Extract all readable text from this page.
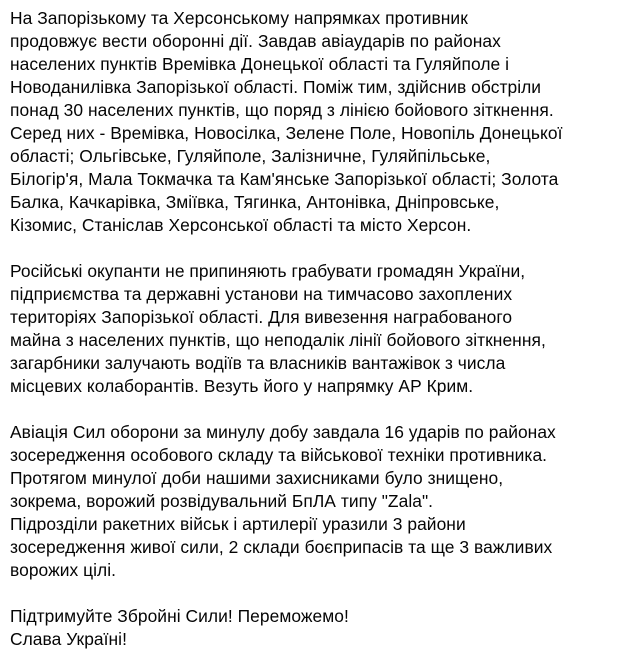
На Запорізькому та Херсонському напрямках противник
продовжує вести оборонні дії. Завдав авіаударів по районах
населених пунктів Времівка Донецької області та Гуляйполе і
Новоданилівка Запорізької області. Поміж тим, здійснив обстріли
понад 30 населених пунктів, що поряд з лінією бойового зіткнення.
Серед них - Времівка, Новосілка, Зелене Поле, Новопіль Донецької
області; Ольгівське, Гуляйполе, Залізничне, Гуляйпільське,
Білогір'я, Мала Токмачка та Кам'янське Запорізької області; Золота
Балка, Качкарівка, Зміївка, Тягинка, Антонівка, Дніпровське,
Кізомис, Станіслав Херсонської області та місто Херсон.

Російські окупанти не припиняють грабувати громадян України,
підприємства та державні установи на тимчасово захоплених
територіях Запорізької області. Для вивезення награбованого
майна з населених пунктів, що неподалік лінії бойового зіткнення,
загарбники залучають водіїв та власників вантажівок з числа
місцевих колаборантів. Везуть його у напрямку АР Крим.

Авіація Сил оборони за минулу добу завдала 16 ударів по районах
зосередження особового складу та військової техніки противника.
Протягом минулої доби нашими захисниками було знищено,
зокрема, ворожий розвідувальний БпЛА типу "Zala".
Підрозділи ракетних військ і артилерії уразили 3 райони
зосередження живої сили, 2 склади боєприпасів та ще 3 важливих
ворожих цілі.

Підтримуйте Збройні Сили! Переможемо!
Слава Україні!
